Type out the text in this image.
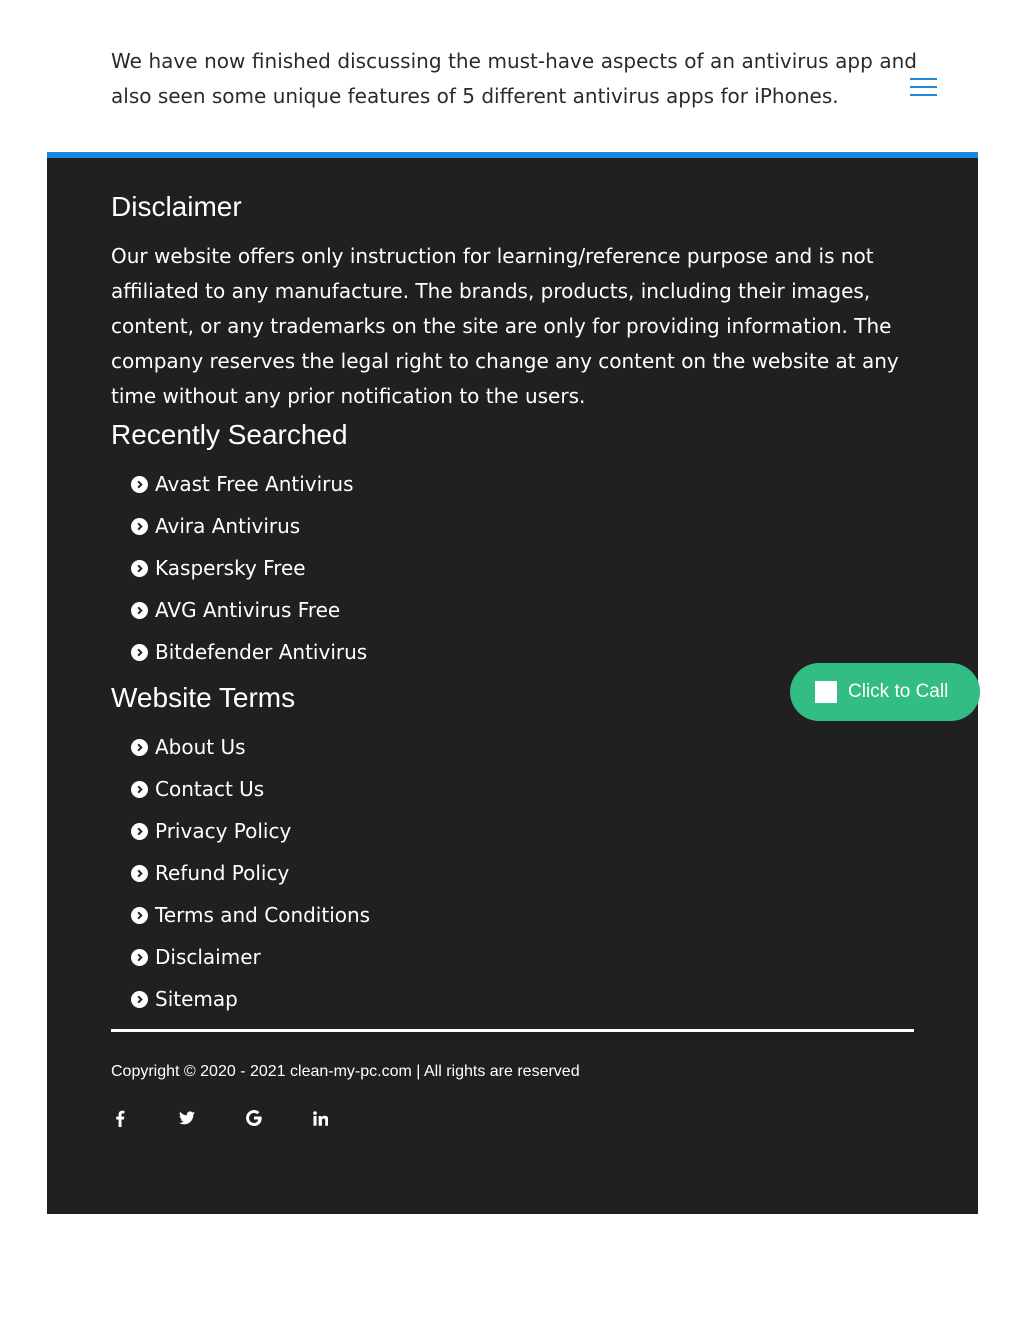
We have now finished discussing the must-have aspects of an antivirus app and also seen some unique features of 5 different antivirus apps for iPhones.

Disclaimer

Our website offers only instruction for learning/reference purpose and is not affiliated to any manufacture. The brands, products, including their images, content, or any trademarks on the site are only for providing information. The company reserves the legal right to change any content on the website at any time without any prior notification to the users.

Recently Searched
Avast Free Antivirus
Avira Antivirus
Kaspersky Free
AVG Antivirus Free
Bitdefender Antivirus
Website Terms
About Us
Contact Us
Privacy Policy
Refund Policy
Terms and Conditions
Disclaimer
Sitemap
Copyright © 2020 - 2021 clean-my-pc.com | All rights are reserved
Click to Call
